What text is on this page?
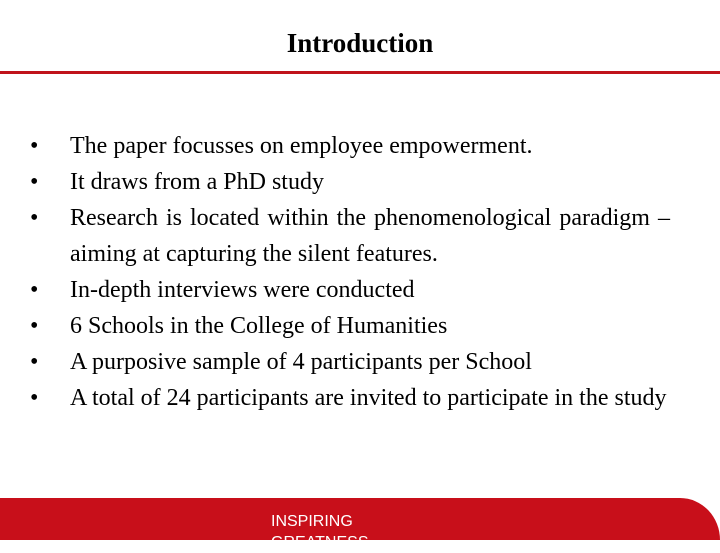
Introduction
• The paper focusses on employee empowerment.
• It draws from a PhD study
• Research is located within the phenomenological paradigm – aiming at capturing the silent features.
• In-depth interviews were conducted
• 6 Schools in the College of Humanities
• A purposive sample of 4 participants per School
• A total of 24 participants are invited to participate in the study

INSPIRING GREATNESS
